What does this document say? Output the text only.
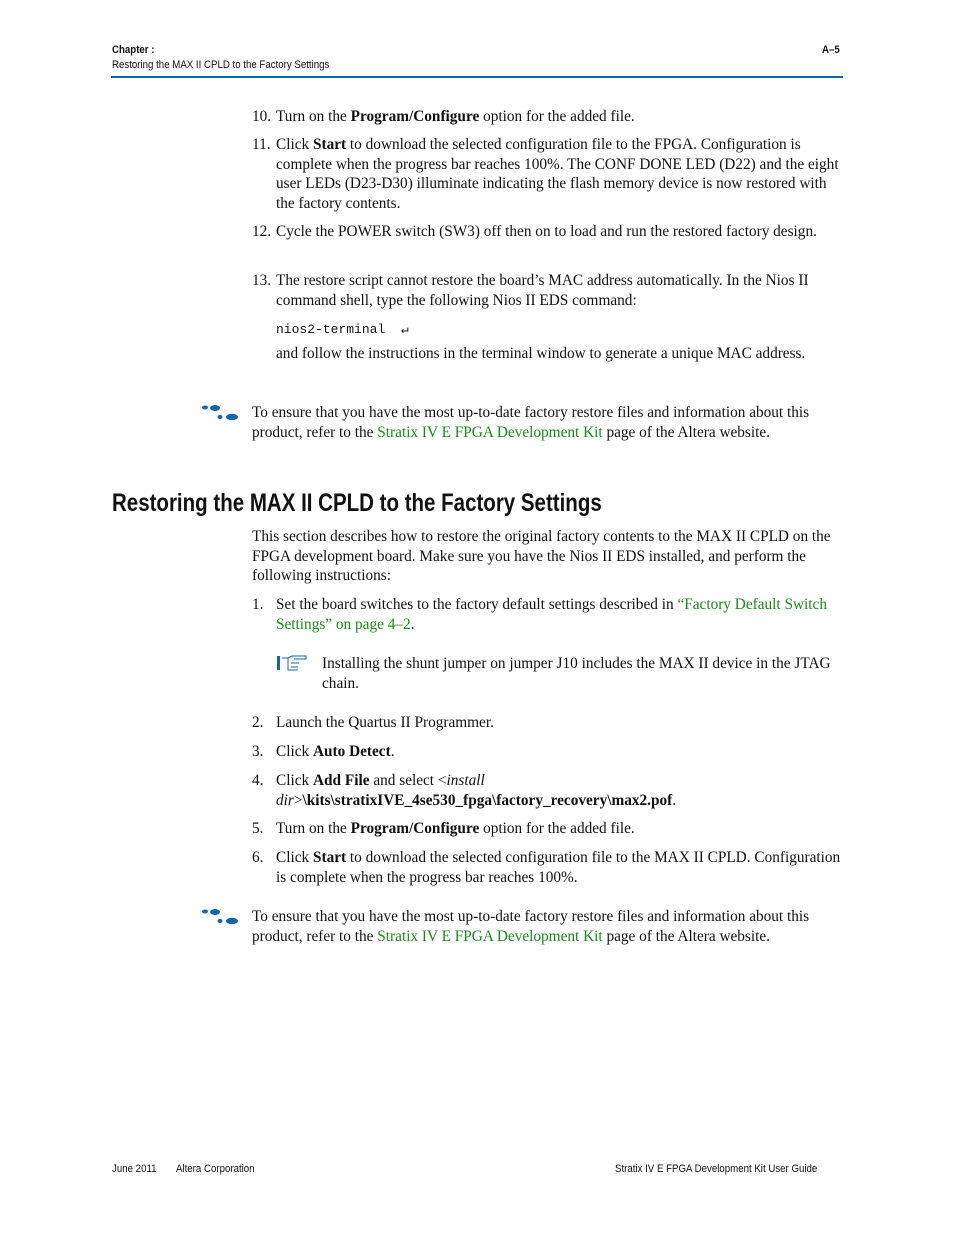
Chapter :
Restoring the MAX II CPLD to the Factory Settings
A–5
10. Turn on the Program/Configure option for the added file.
11. Click Start to download the selected configuration file to the FPGA. Configuration is complete when the progress bar reaches 100%. The CONF DONE LED (D22) and the eight user LEDs (D23-D30) illuminate indicating the flash memory device is now restored with the factory contents.
12. Cycle the POWER switch (SW3) off then on to load and run the restored factory design.
13. The restore script cannot restore the board’s MAC address automatically. In the Nios II command shell, type the following Nios II EDS command:
nios2-terminal ↵
and follow the instructions in the terminal window to generate a unique MAC address.
To ensure that you have the most up-to-date factory restore files and information about this product, refer to the Stratix IV E FPGA Development Kit page of the Altera website.
Restoring the MAX II CPLD to the Factory Settings
This section describes how to restore the original factory contents to the MAX II CPLD on the FPGA development board. Make sure you have the Nios II EDS installed, and perform the following instructions:
1. Set the board switches to the factory default settings described in “Factory Default Switch Settings” on page 4–2.
2. Launch the Quartus II Programmer.
3. Click Auto Detect.
4. Click Add File and select <install dir>\kits\stratixIVE_4se530_fpga\factory_recovery\max2.pof.
5. Turn on the Program/Configure option for the added file.
6. Click Start to download the selected configuration file to the MAX II CPLD. Configuration is complete when the progress bar reaches 100%.
Installing the shunt jumper on jumper J10 includes the MAX II device in the JTAG chain.
To ensure that you have the most up-to-date factory restore files and information about this product, refer to the Stratix IV E FPGA Development Kit page of the Altera website.
June 2011 Altera Corporation	Stratix IV E FPGA Development Kit User Guide
